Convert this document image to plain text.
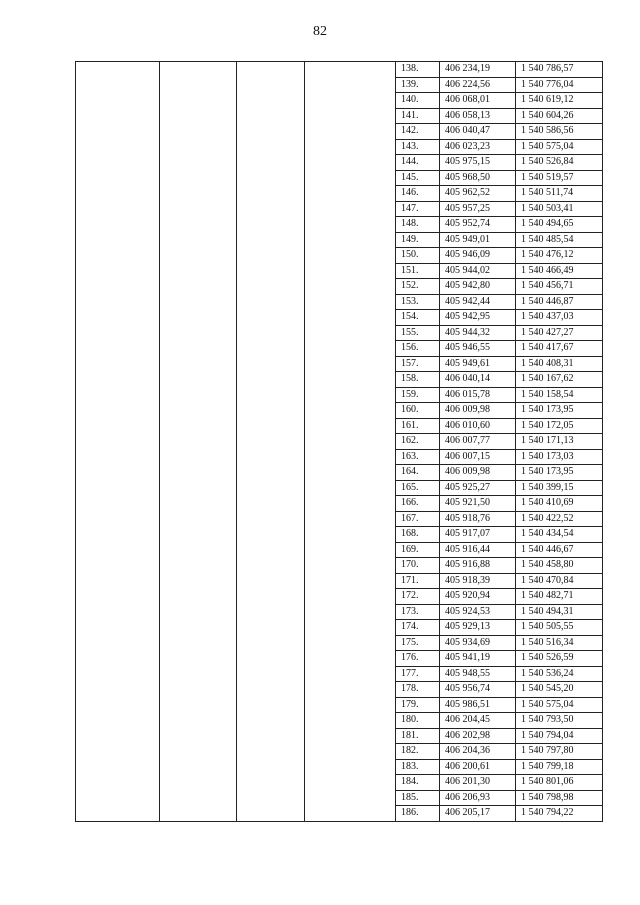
82
				138.	406 234,19	1 540 786,57
				139.	406 224,56	1 540 776,04
				140.	406 068,01	1 540 619,12
				141.	406 058,13	1 540 604,26
				142.	406 040,47	1 540 586,56
				143.	406 023,23	1 540 575,04
				144.	405 975,15	1 540 526,84
				145.	405 968,50	1 540 519,57
				146.	405 962,52	1 540 511,74
				147.	405 957,25	1 540 503,41
				148.	405 952,74	1 540 494,65
				149.	405 949,01	1 540 485,54
				150.	405 946,09	1 540 476,12
				151.	405 944,02	1 540 466,49
				152.	405 942,80	1 540 456,71
				153.	405 942,44	1 540 446,87
				154.	405 942,95	1 540 437,03
				155.	405 944,32	1 540 427,27
				156.	405 946,55	1 540 417,67
				157.	405 949,61	1 540 408,31
				158.	406 040,14	1 540 167,62
				159.	406 015,78	1 540 158,54
				160.	406 009,98	1 540 173,95
				161.	406 010,60	1 540 172,05
				162.	406 007,77	1 540 171,13
				163.	406 007,15	1 540 173,03
				164.	406 009,98	1 540 173,95
				165.	405 925,27	1 540 399,15
				166.	405 921,50	1 540 410,69
				167.	405 918,76	1 540 422,52
				168.	405 917,07	1 540 434,54
				169.	405 916,44	1 540 446,67
				170.	405 916,88	1 540 458,80
				171.	405 918,39	1 540 470,84
				172.	405 920,94	1 540 482,71
				173.	405 924,53	1 540 494,31
				174.	405 929,13	1 540 505,55
				175.	405 934,69	1 540 516,34
				176.	405 941,19	1 540 526,59
				177.	405 948,55	1 540 536,24
				178.	405 956,74	1 540 545,20
				179.	405 986,51	1 540 575,04
				180.	406 204,45	1 540 793,50
				181.	406 202,98	1 540 794,04
				182.	406 204,36	1 540 797,80
				183.	406 200,61	1 540 799,18
				184.	406 201,30	1 540 801,06
				185.	406 206,93	1 540 798,98
				186.	406 205,17	1 540 794,22
